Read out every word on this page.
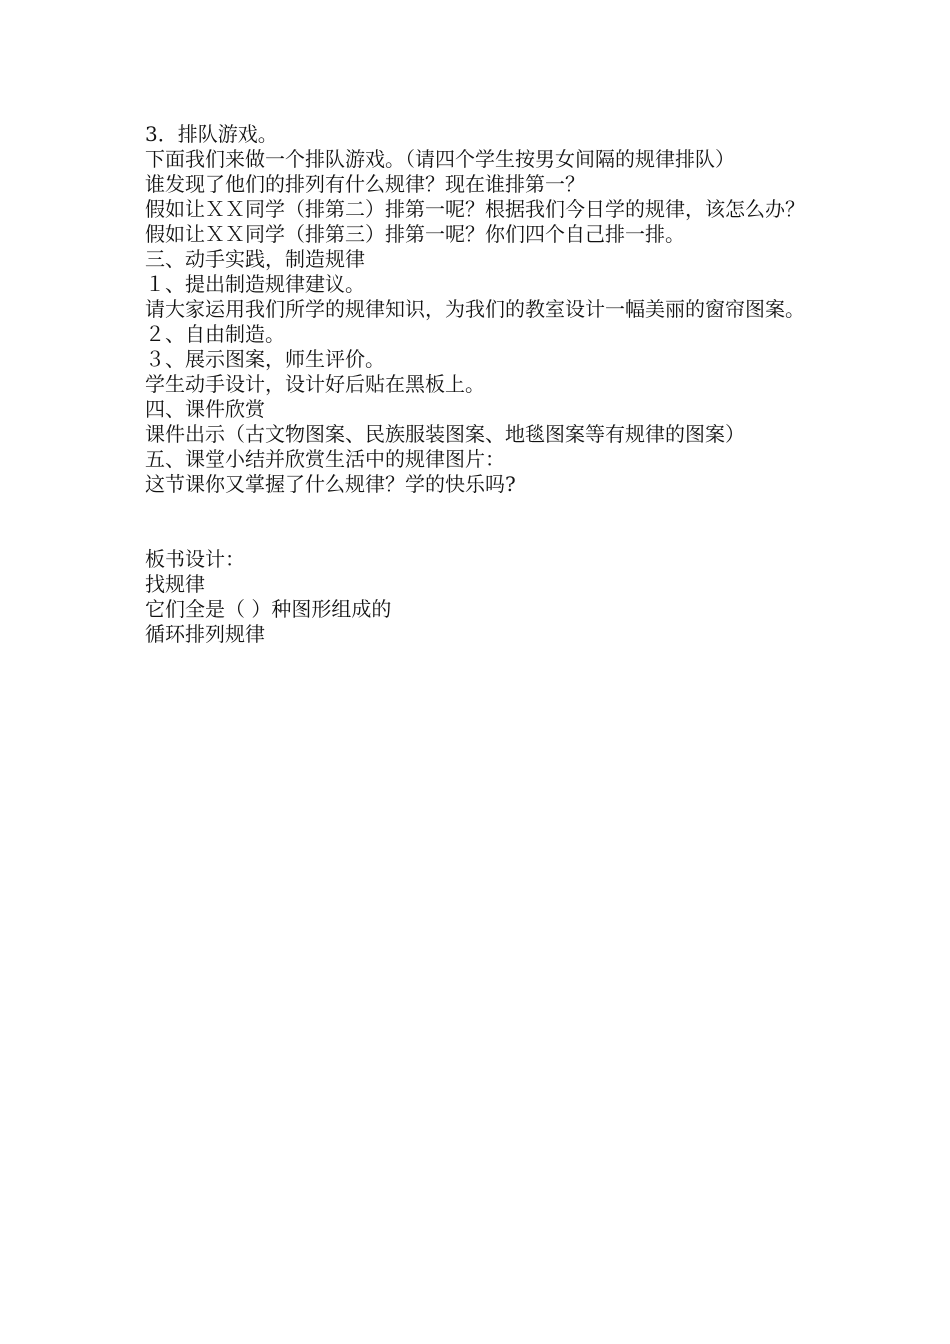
3．排队游戏。

下面我们来做一个排队游戏。（请四个学生按男女间隔的规律排队）

谁发现了他们的排列有什么规律？现在谁排第一？

假如让ＸＸ同学（排第二）排第一呢？根据我们今日学的规律，该怎么办？

假如让ＸＸ同学（排第三）排第一呢？你们四个自己排一排。

三、动手实践，制造规律

１、提出制造规律建议。

请大家运用我们所学的规律知识，为我们的教室设计一幅美丽的窗帘图案。

２、自由制造。

３、展示图案，师生评价。

学生动手设计，设计好后贴在黑板上。

四、课件欣赏

课件出示（古文物图案、民族服装图案、地毯图案等有规律的图案）

五、课堂小结并欣赏生活中的规律图片：

这节课你又掌握了什么规律？学的快乐吗?

板书设计：

找规律

它们全是（ ）种图形组成的

循环排列规律
